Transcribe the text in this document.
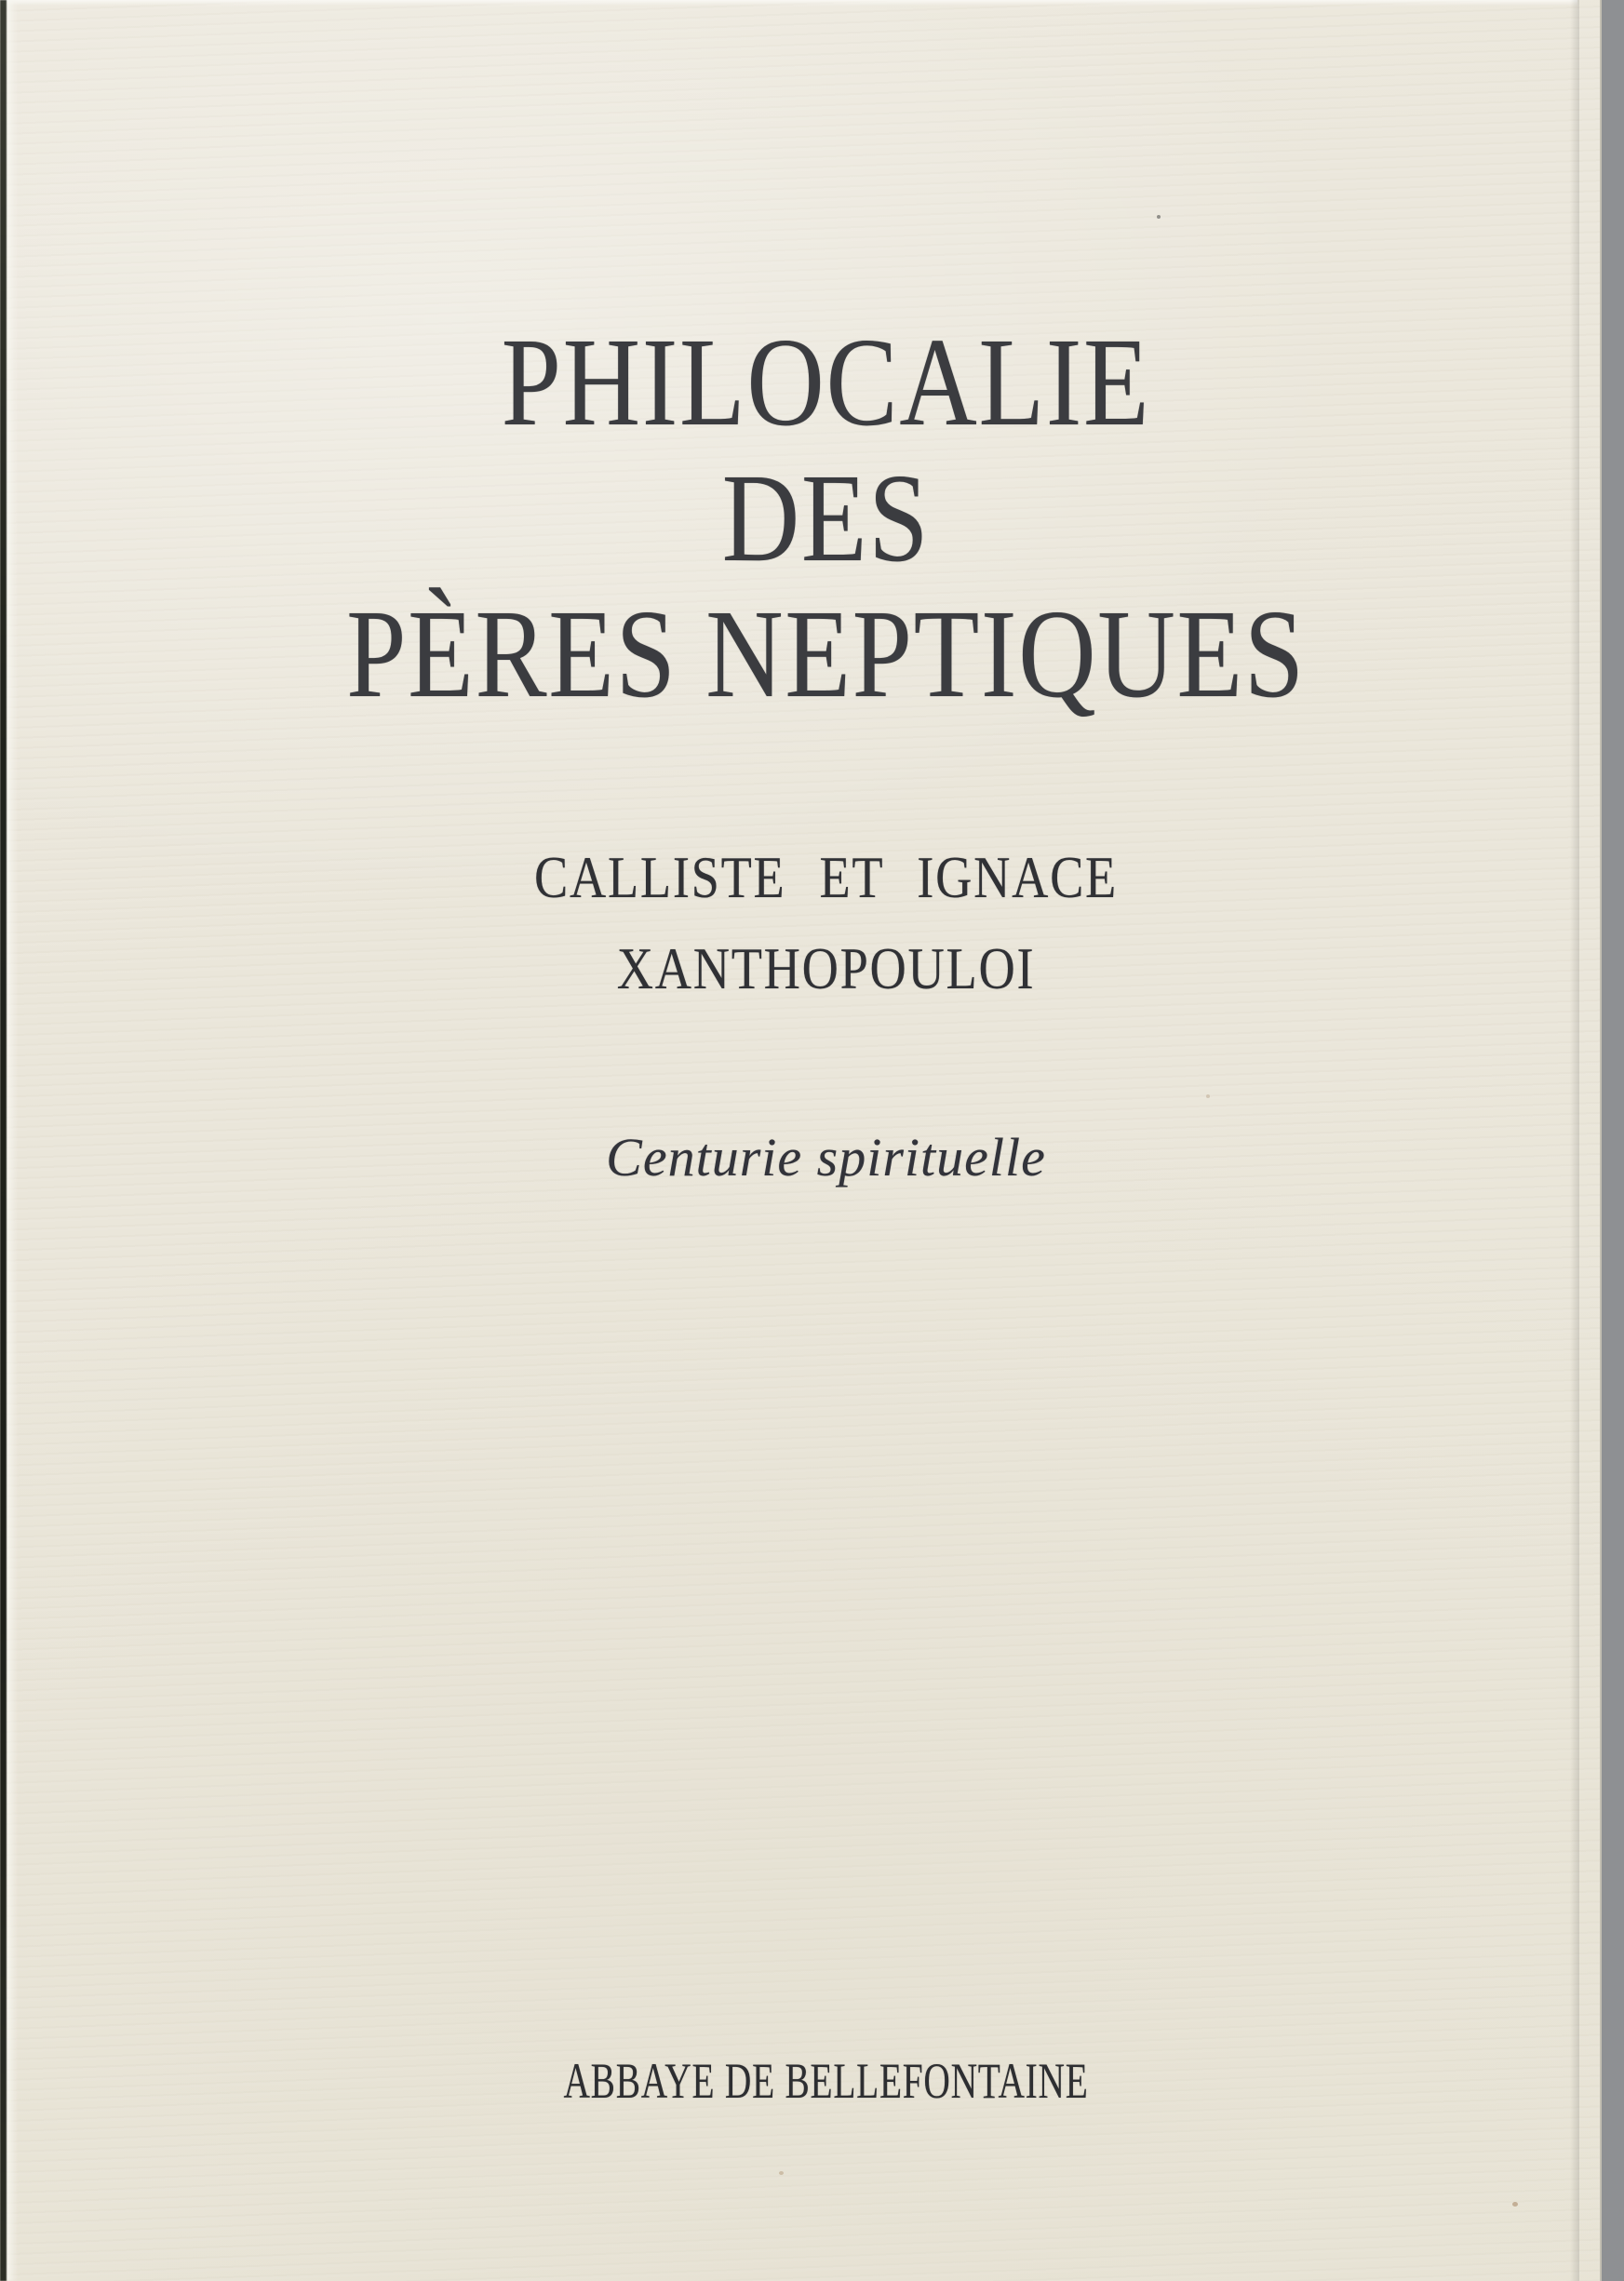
PHILOCALIE
DES
PÈRES NEPTIQUES
CALLISTE ET IGNACE
XANTHOPOULOI
Centurie spirituelle
ABBAYE DE BELLEFONTAINE
